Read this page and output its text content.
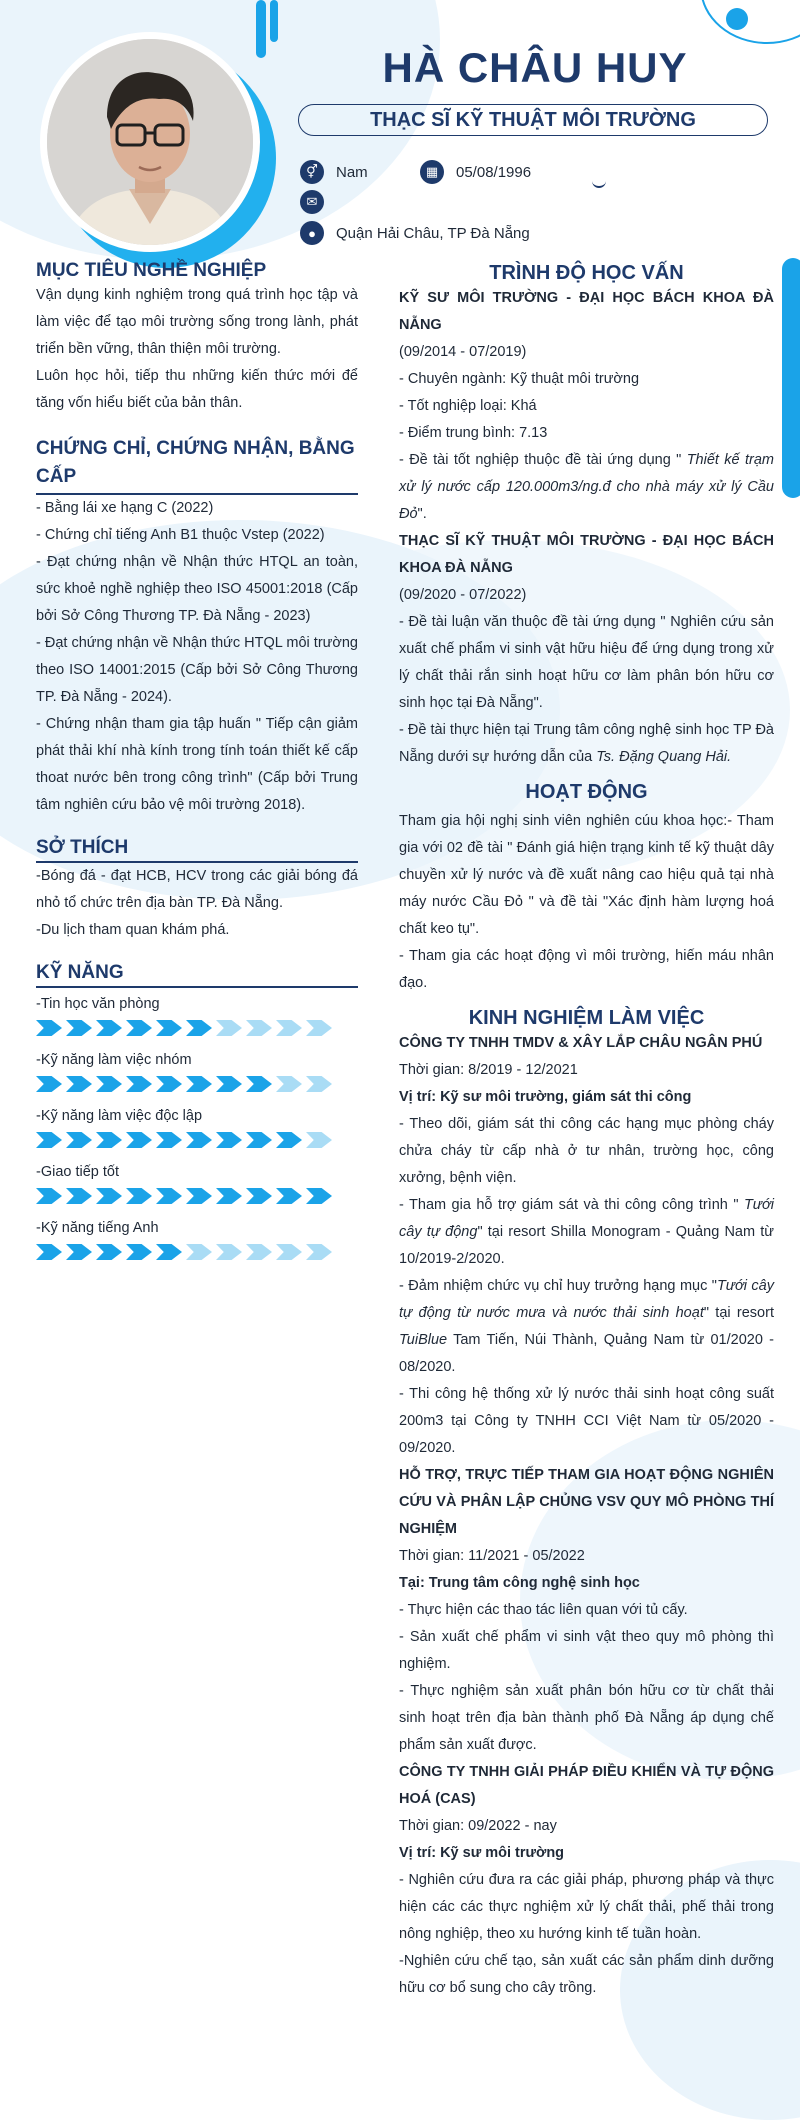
HÀ CHÂU HUY
THẠC SĨ KỸ THUẬT MÔI TRƯỜNG
⚥	Nam	▦	05/08/1996
✉
●	Quận Hải Châu, TP Đà Nẵng
MỤC TIÊU NGHỀ NGHIỆP

Vận dụng kinh nghiệm trong quá trình học tập và làm việc để tạo môi trường sống trong lành, phát triển bền vững, thân thiện môi trường.

Luôn học hỏi, tiếp thu những kiến thức mới để tăng vốn hiểu biết của bản thân.

CHỨNG CHỈ, CHỨNG NHẬN, BẰNG CẤP

- Bằng lái xe hạng C (2022)

- Chứng chỉ tiếng Anh B1 thuộc Vstep (2022)

- Đạt chứng nhận về Nhận thức HTQL an toàn, sức khoẻ nghề nghiệp theo ISO 45001:2018 (Cấp bởi Sở Công Thương TP. Đà Nẵng - 2023)

- Đạt chứng nhận về Nhận thức HTQL môi trường theo ISO 14001:2015 (Cấp bởi Sở Công Thương TP. Đà Nẵng - 2024).

- Chứng nhận tham gia tập huấn " Tiếp cận giảm phát thải khí nhà kính trong tính toán thiết kế cấp thoat nước bên trong công trình" (Cấp bởi Trung tâm nghiên cứu bảo vệ môi trường 2018).

SỞ THÍCH

-Bóng đá - đạt HCB, HCV trong các giải bóng đá nhỏ tổ chức trên địa bàn TP. Đà Nẵng.

-Du lịch tham quan khám phá.

KỸ NĂNG
-Tin học văn phòng
-Kỹ năng làm việc nhóm
-Kỹ năng làm việc độc lập
-Giao tiếp tốt
-Kỹ năng tiếng Anh
TRÌNH ĐỘ HỌC VẤN

KỸ SƯ MÔI TRƯỜNG - ĐẠI HỌC BÁCH KHOA ĐÀ NẴNG

(09/2014 - 07/2019)

- Chuyên ngành: Kỹ thuật môi trường

- Tốt nghiệp loại: Khá

- Điểm trung bình: 7.13

- Đề tài tốt nghiệp thuộc đề tài ứng dụng " Thiết kế trạm xử lý nước cấp 120.000m3/ng.đ cho nhà máy xử lý Cầu Đỏ".

THẠC SĨ KỸ THUẬT MÔI TRƯỜNG - ĐẠI HỌC BÁCH KHOA ĐÀ NẴNG

(09/2020 - 07/2022)

- Đề tài luận văn thuộc đề tài ứng dụng " Nghiên cứu sản xuất chế phẩm vi sinh vật hữu hiệu để ứng dụng trong xử lý chất thải rắn sinh hoạt hữu cơ làm phân bón hữu cơ sinh học tại Đà Nẵng".

- Đề tài thực hiện tại Trung tâm công nghệ sinh học TP Đà Nẵng dưới sự hướng dẫn của Ts. Đặng Quang Hải.

HOẠT ĐỘNG

Tham gia hội nghị sinh viên nghiên cúu khoa học:- Tham gia với 02 đề tài " Đánh giá hiện trạng kinh tế kỹ thuật dây chuyền xử lý nước và đề xuất nâng cao hiệu quả tại nhà máy nước Cầu Đỏ " và đề tài "Xác định hàm lượng hoá chất keo tụ".

- Tham gia các hoạt động vì môi trường, hiến máu nhân đạo.

KINH NGHIỆM LÀM VIỆC

CÔNG TY TNHH TMDV & XÂY LẮP CHÂU NGÂN PHÚ

Thời gian: 8/2019 - 12/2021

Vị trí: Kỹ sư môi trường, giám sát thi công

- Theo dõi, giám sát thi công các hạng mục phòng cháy chửa cháy từ cấp nhà ở tư nhân, trường học, công xưởng, bệnh viện.

- Tham gia hỗ trợ giám sát và thi công công trình " Tưới cây tự động" tại resort Shilla Monogram - Quảng Nam từ 10/2019-2/2020.

- Đảm nhiệm chức vụ chỉ huy trưởng hạng mục "Tưới cây tự động từ nước mưa và nước thải sinh hoạt" tại resort TuiBlue Tam Tiến, Núi Thành, Quảng Nam từ 01/2020 - 08/2020.

- Thi công hệ thống xử lý nước thải sinh hoạt công suất 200m3 tại Công ty TNHH CCI Việt Nam từ 05/2020 - 09/2020.

HỖ TRỢ, TRỰC TIẾP THAM GIA HOẠT ĐỘNG NGHIÊN CỨU VÀ PHÂN LẬP CHỦNG VSV QUY MÔ PHÒNG THÍ NGHIỆM

Thời gian: 11/2021 - 05/2022

Tại: Trung tâm công nghệ sinh học

- Thực hiện các thao tác liên quan với tủ cấy.

- Sản xuất chế phẩm vi sinh vật theo quy mô phòng thì nghiệm.

- Thực nghiệm sản xuất phân bón hữu cơ từ chất thải sinh hoạt trên địa bàn thành phố Đà Nẵng áp dụng chế phẩm sản xuất được.

CÔNG TY TNHH GIẢI PHÁP ĐIỀU KHIỂN VÀ TỰ ĐỘNG HOÁ (CAS)

Thời gian: 09/2022 - nay

Vị trí: Kỹ sư môi trường

- Nghiên cứu đưa ra các giải pháp, phương pháp và thực hiện các các thực nghiệm xử lý chất thải, phế thải trong nông nghiệp, theo xu hướng kinh tế tuần hoàn.

-Nghiên cứu chế tạo, sản xuất các sản phẩm dinh dưỡng hữu cơ bổ sung cho cây trồng.
